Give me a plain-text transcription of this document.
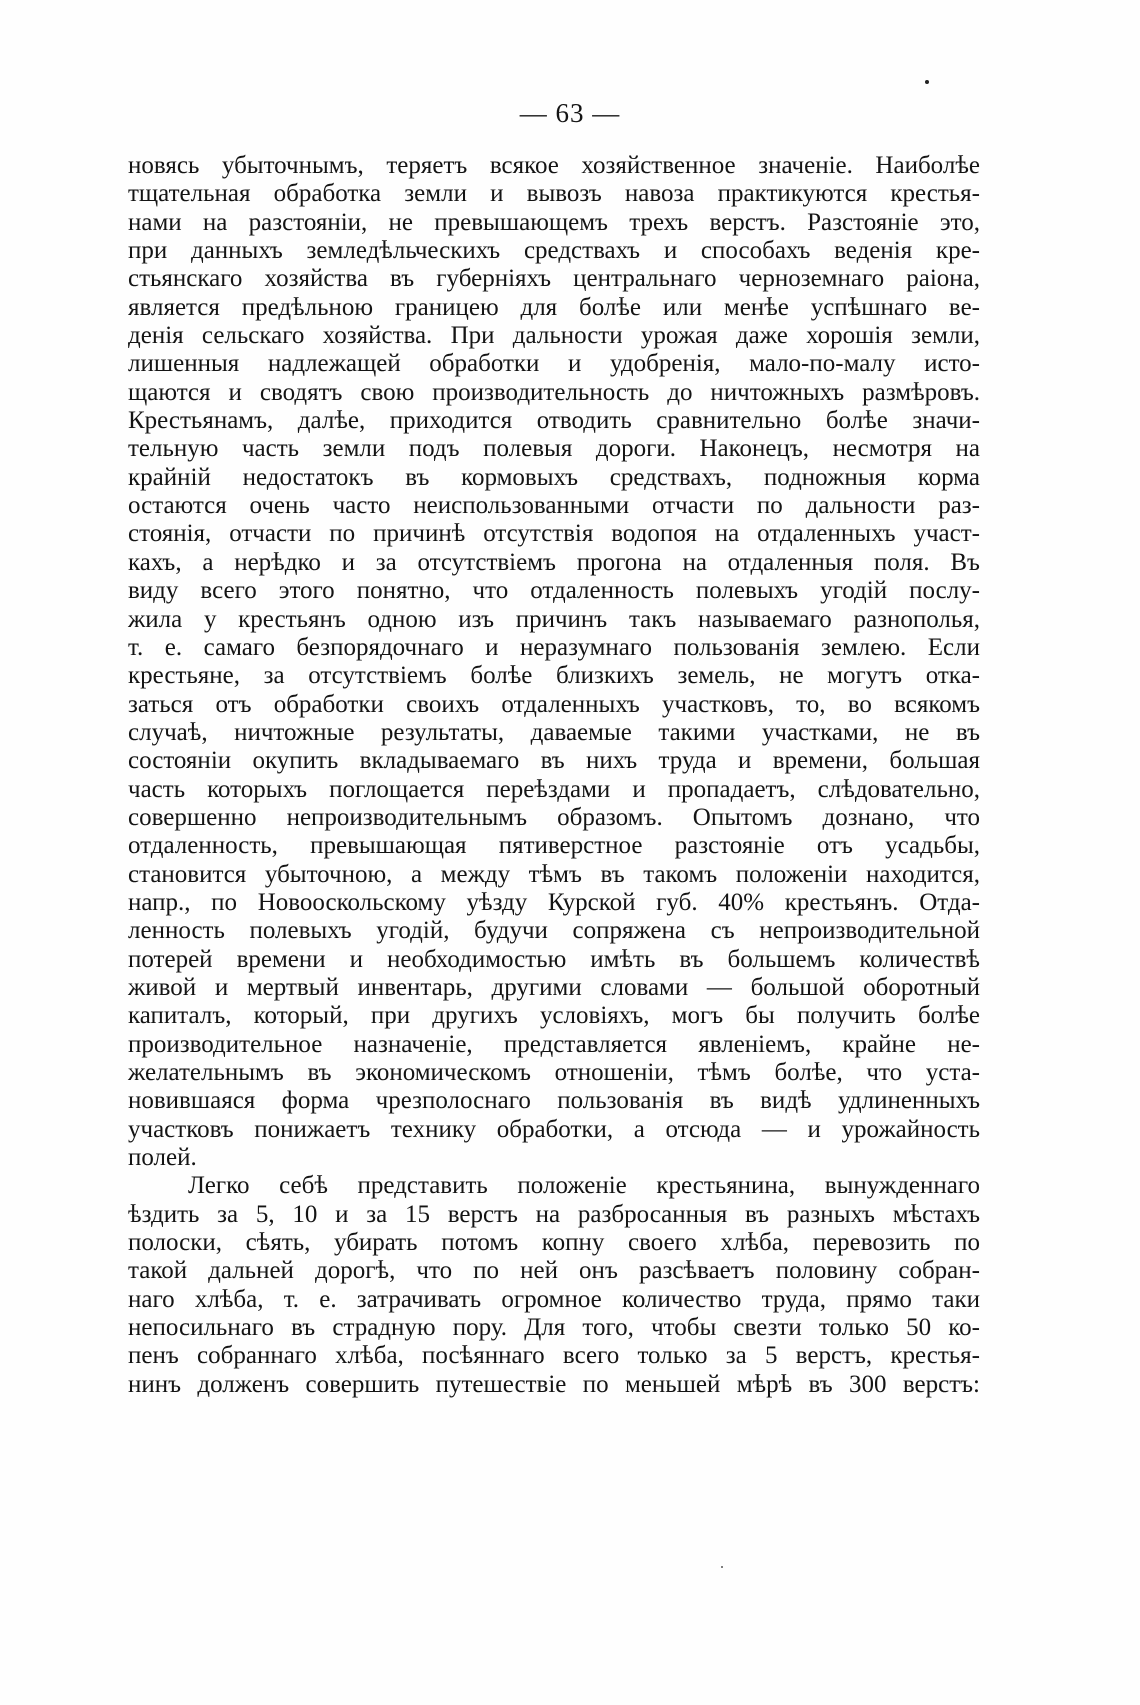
— 63 —
новясь убыточнымъ, теряетъ всякое хозяйственное значенiе. Наиболѣе
тщательная обработка земли и вывозъ навоза практикуются крестья-
нами на разстоянiи, не превышающемъ трехъ верстъ. Разстоянiе это,
при данныхъ земледѣльческихъ средствахъ и способахъ веденiя кре-
стьянскаго хозяйства въ губернiяхъ центральнаго черноземнаго раiона,
является предѣльною границею для болѣе или менѣе успѣшнаго ве-
денiя сельскаго хозяйства. При дальности урожая даже хорошiя земли,
лишенныя надлежащей обработки и удобренiя, мало-по-малу исто-
щаются и сводятъ свою производительность до ничтожныхъ размѣровъ.
Крестьянамъ, далѣе, приходится отводить сравнительно болѣе значи-
тельную часть земли подъ полевыя дороги. Наконецъ, несмотря на
крайнiй недостатокъ въ кормовыхъ средствахъ, подножныя корма
остаются очень часто неиспользованными отчасти по дальности раз-
стоянiя, отчасти по причинѣ отсутствiя водопоя на отдаленныхъ участ-
кахъ, а нерѣдко и за отсутствiемъ прогона на отдаленныя поля. Въ
виду всего этого понятно, что отдаленность полевыхъ угодiй послу-
жила у крестьянъ одною изъ причинъ такъ называемаго разнополья,
т. е. самаго безпорядочнаго и неразумнаго пользованiя землею. Если
крестьяне, за отсутствiемъ болѣе близкихъ земель, не могутъ отка-
заться отъ обработки своихъ отдаленныхъ участковъ, то, во всякомъ
случаѣ, ничтожные результаты, даваемые такими участками, не въ
состоянiи окупить вкладываемаго въ нихъ труда и времени, большая
часть которыхъ поглощается переѣздами и пропадаетъ, слѣдовательно,
совершенно непроизводительнымъ образомъ. Опытомъ дознано, что
отдаленность, превышающая пятиверстное разстоянiе отъ усадьбы,
становится убыточною, а между тѣмъ въ такомъ положенiи находится,
напр., по Новооскольскому уѣзду Курской губ. 40% крестьянъ. Отда-
ленность полевыхъ угодiй, будучи сопряжена съ непроизводительной
потерей времени и необходимостью имѣть въ большемъ количествѣ
живой и мертвый инвентарь, другими словами — большой оборотный
капиталъ, который, при другихъ условiяхъ, могъ бы получить болѣе
производительное назначенiе, представляется явленiемъ, крайне не-
желательнымъ въ экономическомъ отношенiи, тѣмъ болѣе, что уста-
новившаяся форма чрезполоснаго пользованiя въ видѣ удлиненныхъ
участковъ понижаетъ технику обработки, а отсюда — и урожайность
полей.
Легко себѣ представить положенiе крестьянина, вынужденнаго
ѣздить за 5, 10 и за 15 верстъ на разбросанныя въ разныхъ мѣстахъ
полоски, сѣять, убирать потомъ копну своего хлѣба, перевозить по
такой дальней дорогѣ, что по ней онъ разсѣваетъ половину собран-
наго хлѣба, т. е. затрачивать огромное количество труда, прямо таки
непосильнаго въ страдную пору. Для того, чтобы свезти только 50 ко-
пенъ собраннаго хлѣба, посѣяннаго всего только за 5 верстъ, крестья-
нинъ долженъ совершить путешествiе по меньшей мѣрѣ въ 300 верстъ:
